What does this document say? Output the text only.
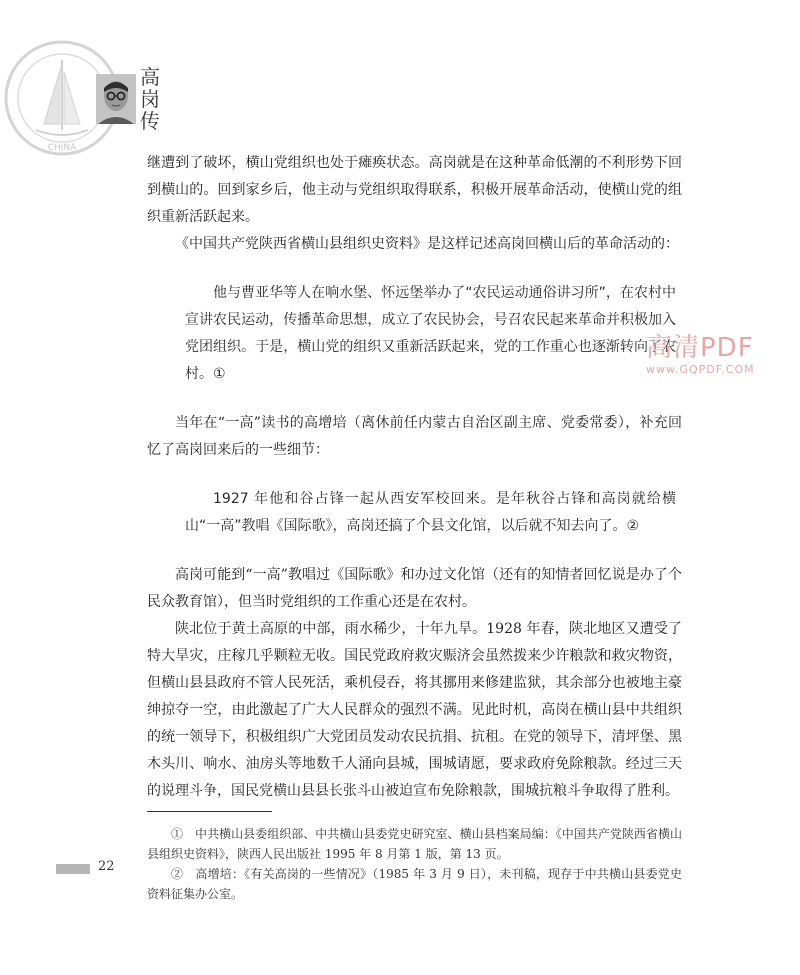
CHINA
高岗传

继遭到了破坏，横山党组织也处于瘫痪状态。高岗就是在这种革命低潮的不利形势下回到横山的。回到家乡后，他主动与党组织取得联系，积极开展革命活动，使横山党的组织重新活跃起来。

《中国共产党陕西省横山县组织史资料》是这样记述高岗回横山后的革命活动的：

他与曹亚华等人在响水堡、怀远堡举办了“农民运动通俗讲习所”，在农村中宣讲农民运动，传播革命思想，成立了农民协会，号召农民起来革命并积极加入党团组织。于是，横山党的组织又重新活跃起来，党的工作重心也逐渐转向了农村。①

当年在“一高”读书的高增培（离休前任内蒙古自治区副主席、党委常委），补充回忆了高岗回来后的一些细节：

1927 年他和谷占锋一起从西安军校回来。是年秋谷占锋和高岗就给横山“一高”教唱《国际歌》，高岗还搞了个县文化馆，以后就不知去向了。②

高岗可能到“一高”教唱过《国际歌》和办过文化馆（还有的知情者回忆说是办了个民众教育馆），但当时党组织的工作重心还是在农村。

陕北位于黄土高原的中部，雨水稀少，十年九旱。1928 年春，陕北地区又遭受了特大旱灾，庄稼几乎颗粒无收。国民党政府救灾赈济会虽然拨来少许粮款和救灾物资，但横山县县政府不管人民死活，乘机侵吞，将其挪用来修建监狱，其余部分也被地主豪绅掠夺一空，由此激起了广大人民群众的强烈不满。见此时机，高岗在横山县中共组织的统一领导下，积极组织广大党团员发动农民抗捐、抗租。在党的领导下，清坪堡、黑木头川、响水、油房头等地数千人涌向县城，围城请愿，要求政府免除粮款。经过三天的说理斗争，国民党横山县县长张斗山被迫宣布免除粮款，围城抗粮斗争取得了胜利。

高清PDF
www.GQPDF.COM

①　中共横山县委组织部、中共横山县委党史研究室、横山县档案局编：《中国共产党陕西省横山县组织史资料》，陕西人民出版社 1995 年 8 月第 1 版，第 13 页。

②　高增培：《有关高岗的一些情况》（1985 年 3 月 9 日），未刊稿，现存于中共横山县委党史资料征集办公室。

22
